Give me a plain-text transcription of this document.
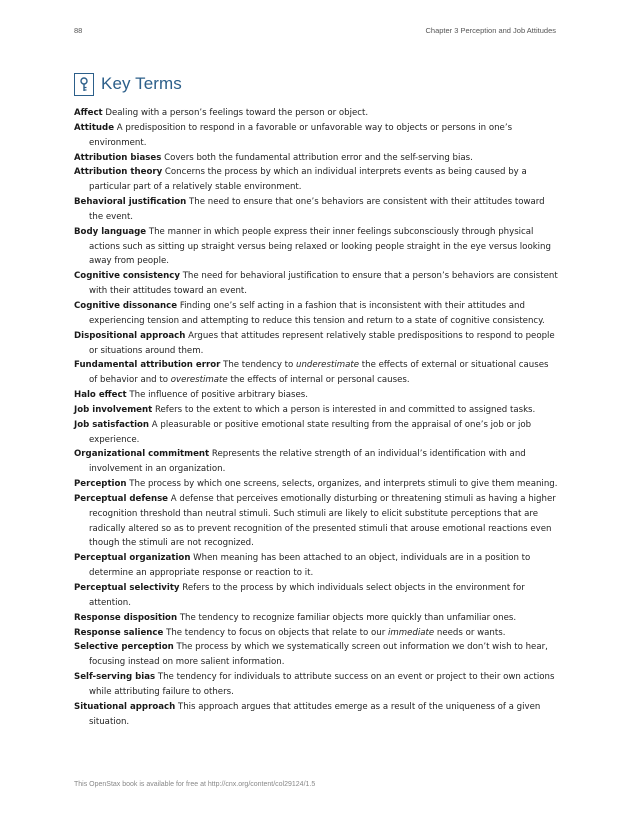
88	Chapter 3 Perception and Job Attitudes
Key Terms

Affect Dealing with a person’s feelings toward the person or object.

Attitude A predisposition to respond in a favorable or unfavorable way to objects or persons in one’s environment.

Attribution biases Covers both the fundamental attribution error and the self-serving bias.

Attribution theory Concerns the process by which an individual interprets events as being caused by a particular part of a relatively stable environment.

Behavioral justification The need to ensure that one’s behaviors are consistent with their attitudes toward the event.

Body language The manner in which people express their inner feelings subconsciously through physical actions such as sitting up straight versus being relaxed or looking people straight in the eye versus looking away from people.

Cognitive consistency The need for behavioral justification to ensure that a person’s behaviors are consistent with their attitudes toward an event.

Cognitive dissonance Finding one’s self acting in a fashion that is inconsistent with their attitudes and experiencing tension and attempting to reduce this tension and return to a state of cognitive consistency.

Dispositional approach Argues that attitudes represent relatively stable predispositions to respond to people or situations around them.

Fundamental attribution error The tendency to underestimate the effects of external or situational causes of behavior and to overestimate the effects of internal or personal causes.

Halo effect The influence of positive arbitrary biases.

Job involvement Refers to the extent to which a person is interested in and committed to assigned tasks.

Job satisfaction A pleasurable or positive emotional state resulting from the appraisal of one’s job or job experience.

Organizational commitment Represents the relative strength of an individual’s identification with and involvement in an organization.

Perception The process by which one screens, selects, organizes, and interprets stimuli to give them meaning.

Perceptual defense A defense that perceives emotionally disturbing or threatening stimuli as having a higher recognition threshold than neutral stimuli. Such stimuli are likely to elicit substitute perceptions that are radically altered so as to prevent recognition of the presented stimuli that arouse emotional reactions even though the stimuli are not recognized.

Perceptual organization When meaning has been attached to an object, individuals are in a position to determine an appropriate response or reaction to it.

Perceptual selectivity Refers to the process by which individuals select objects in the environment for attention.

Response disposition The tendency to recognize familiar objects more quickly than unfamiliar ones.

Response salience The tendency to focus on objects that relate to our immediate needs or wants.

Selective perception The process by which we systematically screen out information we don’t wish to hear, focusing instead on more salient information.

Self-serving bias The tendency for individuals to attribute success on an event or project to their own actions while attributing failure to others.

Situational approach This approach argues that attitudes emerge as a result of the uniqueness of a given situation.

This OpenStax book is available for free at http://cnx.org/content/col29124/1.5
